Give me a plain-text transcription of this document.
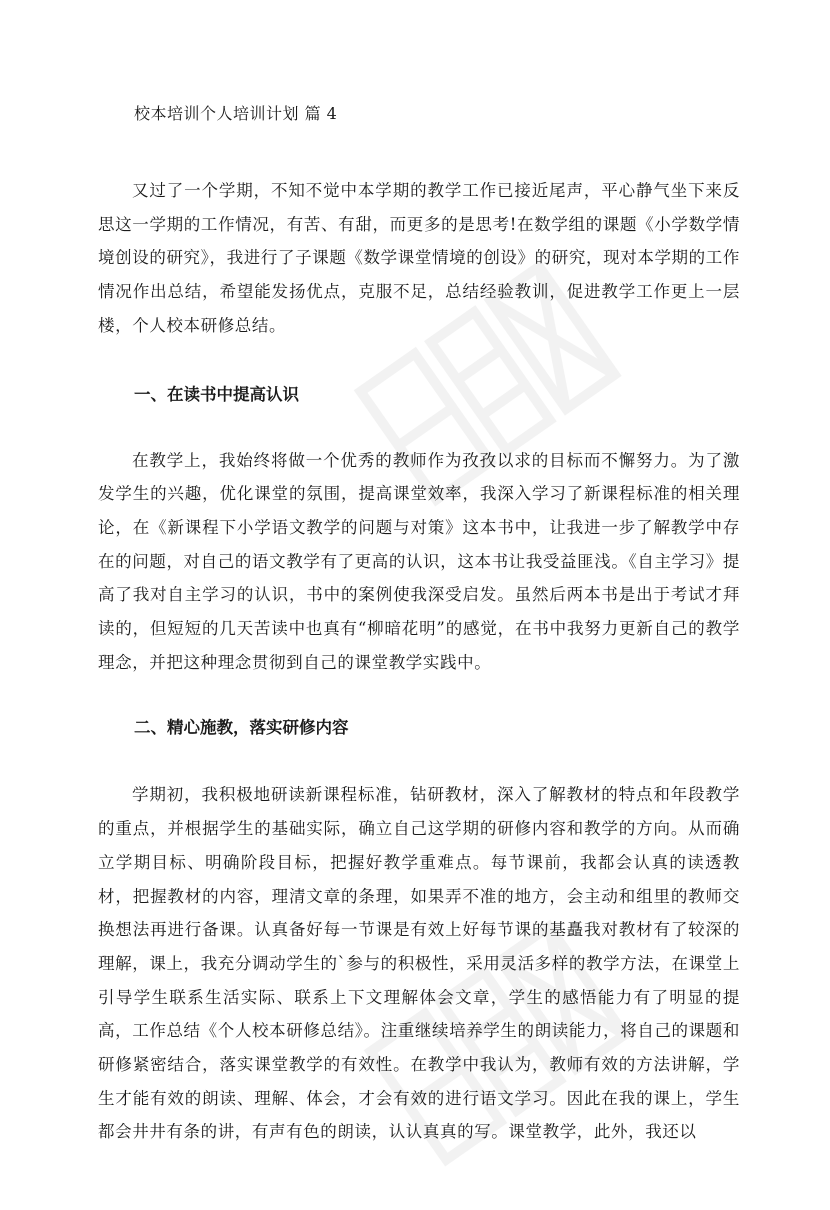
校本培训个人培训计划 篇 4

又过了一个学期，不知不觉中本学期的教学工作已接近尾声，平心静气坐下来反思这一学期的工作情况，有苦、有甜，而更多的是思考!在数学组的课题《小学数学情境创设的研究》，我进行了子课题《数学课堂情境的创设》的研究，现对本学期的工作情况作出总结，希望能发扬优点，克服不足，总结经验教训，促进教学工作更上一层楼，个人校本研修总结。

一、在读书中提高认识

在教学上，我始终将做一个优秀的教师作为孜孜以求的目标而不懈努力。为了激发学生的兴趣，优化课堂的氛围，提高课堂效率，我深入学习了新课程标准的相关理论，在《新课程下小学语文教学的问题与对策》这本书中，让我进一步了解教学中存在的问题，对自己的语文教学有了更高的认识，这本书让我受益匪浅。《自主学习》提高了我对自主学习的认识，书中的案例使我深受启发。虽然后两本书是出于考试才拜读的，但短短的几天苦读中也真有“柳暗花明”的感觉，在书中我努力更新自己的教学理念，并把这种理念贯彻到自己的课堂教学实践中。

二、精心施教，落实研修内容

学期初，我积极地研读新课程标准，钻研教材，深入了解教材的特点和年段教学的重点，并根据学生的基础实际，确立自己这学期的研修内容和教学的方向。从而确立学期目标、明确阶段目标，把握好教学重难点。每节课前，我都会认真的读透教材，把握教材的内容，理清文章的条理，如果弄不准的地方，会主动和组里的教师交换想法再进行备课。认真备好每一节课是有效上好每节课的基矗我对教材有了较深的理解，课上，我充分调动学生的`参与的积极性，采用灵活多样的教学方法，在课堂上引导学生联系生活实际、联系上下文理解体会文章，学生的感悟能力有了明显的提高，工作总结《个人校本研修总结》。注重继续培养学生的朗读能力，将自己的课题和研修紧密结合，落实课堂教学的有效性。在教学中我认为，教师有效的方法讲解，学生才能有效的朗读、理解、体会，才会有效的进行语文学习。因此在我的课上，学生都会井井有条的讲，有声有色的朗读，认认真真的写。课堂教学，此外，我还以
